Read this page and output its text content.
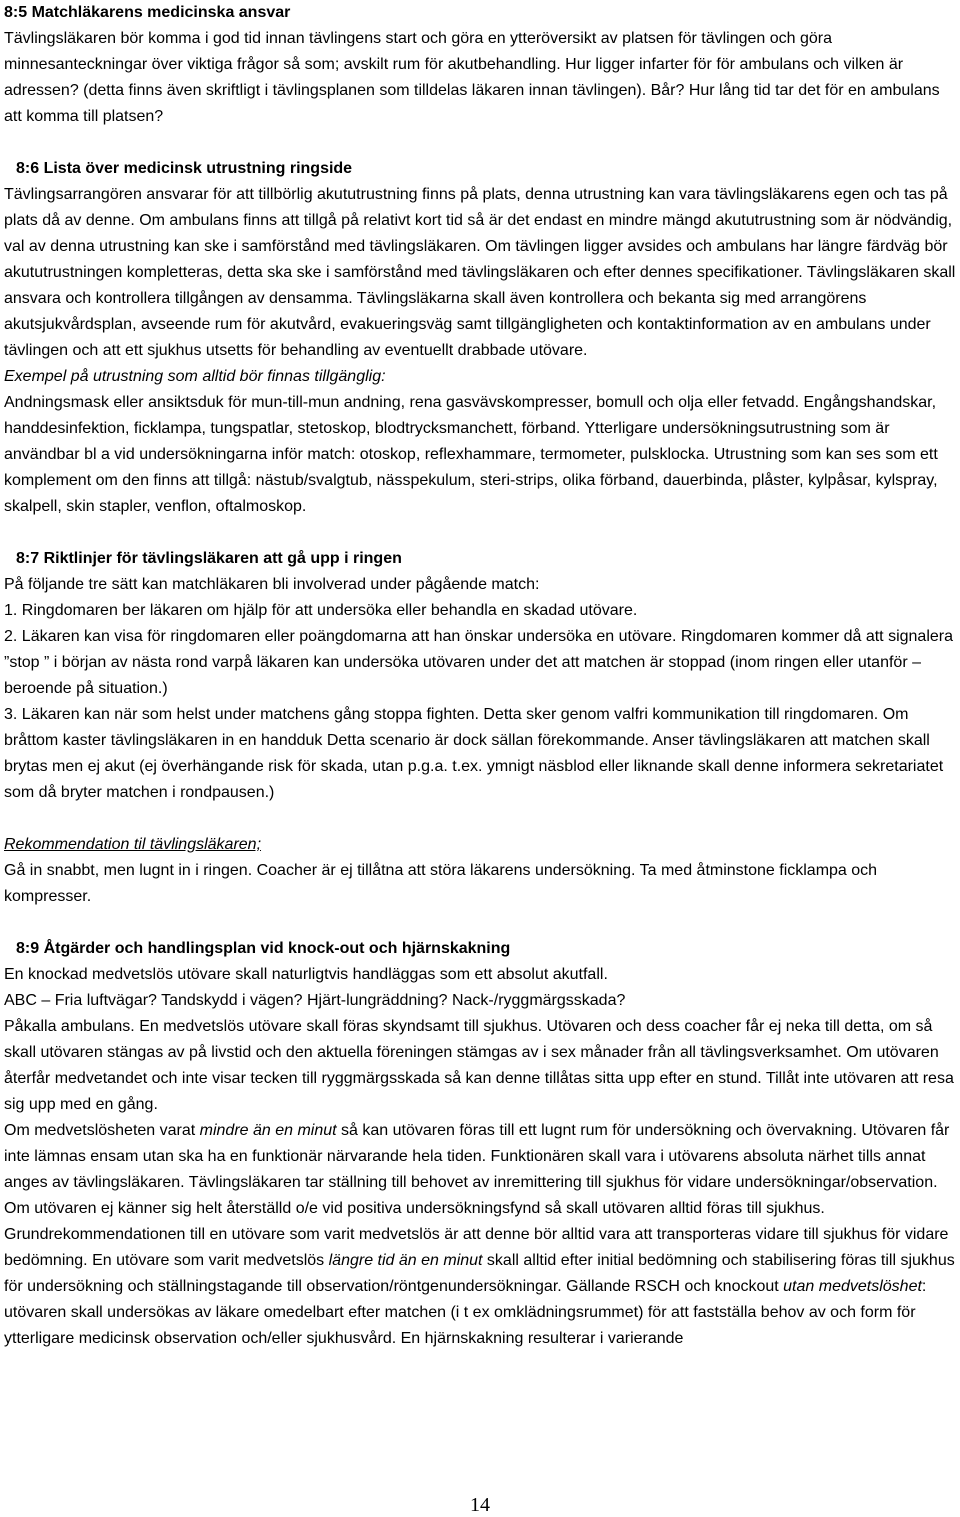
8:5 Matchläkarens medicinska ansvar

Tävlingsläkaren bör komma i god tid innan tävlingens start och göra en ytteröversikt av platsen för tävlingen och göra minnesanteckningar över viktiga frågor så som; avskilt rum för akutbehandling. Hur ligger infarter för för ambulans och vilken är adressen? (detta finns även skriftligt i tävlingsplanen som tilldelas läkaren innan tävlingen). Bår? Hur lång tid tar det för en ambulans att komma till platsen?

8:6 Lista över medicinsk utrustning ringside

Tävlingsarrangören ansvarar för att tillbörlig akututrustning finns på plats, denna utrustning kan vara tävlingsläkarens egen och tas på plats då av denne. Om ambulans finns att tillgå på relativt kort tid så är det endast en mindre mängd akututrustning som är nödvändig, val av denna utrustning kan ske i samförstånd med tävlingsläkaren. Om tävlingen ligger avsides och ambulans har längre färdväg bör akututrustningen kompletteras, detta ska ske i samförstånd med tävlingsläkaren och efter dennes specifikationer. Tävlingsläkaren skall ansvara och kontrollera tillgången av densamma. Tävlingsläkarna skall även kontrollera och bekanta sig med arrangörens akutsjukvårdsplan, avseende rum för akutvård, evakueringsväg samt tillgängligheten och kontaktinformation av en ambulans under tävlingen och att ett sjukhus utsetts för behandling av eventuellt drabbade utövare.

Exempel på utrustning som alltid bör finnas tillgänglig:

Andningsmask eller ansiktsduk för mun-till-mun andning, rena gasvävskompresser, bomull och olja eller fetvadd. Engångshandskar, handdesinfektion, ficklampa, tungspatlar, stetoskop, blodtrycksmanchett, förband. Ytterligare undersökningsutrustning som är användbar bl a vid undersökningarna inför match: otoskop, reflexhammare, termometer, pulsklocka. Utrustning som kan ses som ett komplement om den finns att tillgå: nästub/svalgtub, nässpekulum, steri-strips, olika förband, dauerbinda, plåster, kylpåsar, kylspray, skalpell, skin stapler, venflon, oftalmoskop.

8:7 Riktlinjer för tävlingsläkaren att gå upp i ringen

På följande tre sätt kan matchläkaren bli involverad under pågående match:

1. Ringdomaren ber läkaren om hjälp för att undersöka eller behandla en skadad utövare.

2. Läkaren kan visa för ringdomaren eller poängdomarna att han önskar undersöka en utövare. Ringdomaren kommer då att signalera ”stop ” i början av nästa rond varpå läkaren kan undersöka utövaren under det att matchen är stoppad (inom ringen eller utanför – beroende på situation.)

3. Läkaren kan när som helst under matchens gång stoppa fighten. Detta sker genom valfri kommunikation till ringdomaren. Om bråttom kaster tävlingsläkaren in en handduk Detta scenario är dock sällan förekommande. Anser tävlingsläkaren att matchen skall brytas men ej akut (ej överhängande risk för skada, utan p.g.a. t.ex. ymnigt näsblod eller liknande skall denne informera sekretariatet som då bryter matchen i rondpausen.)

Rekommendation til tävlingsläkaren;

Gå in snabbt, men lugnt in i ringen. Coacher är ej tillåtna att störa läkarens undersökning. Ta med åtminstone ficklampa och kompresser.

8:9 Åtgärder och handlingsplan vid knock-out och hjärnskakning

En knockad medvetslös utövare skall naturligtvis handläggas som ett absolut akutfall.

ABC – Fria luftvägar? Tandskydd i vägen? Hjärt-lungräddning? Nack-/ryggmärgsskada?

Påkalla ambulans. En medvetslös utövare skall föras skyndsamt till sjukhus. Utövaren och dess coacher får ej neka till detta, om så skall utövaren stängas av på livstid och den aktuella föreningen stämgas av i sex månader från all tävlingsverksamhet. Om utövaren återfår medvetandet och inte visar tecken till ryggmärgsskada så kan denne tillåtas sitta upp efter en stund. Tillåt inte utövaren att resa sig upp med en gång.

Om medvetslösheten varat mindre än en minut så kan utövaren föras till ett lugnt rum för undersökning och övervakning. Utövaren får inte lämnas ensam utan ska ha en funktionär närvarande hela tiden. Funktionären skall vara i utövarens absoluta närhet tills annat anges av tävlingsläkaren. Tävlingsläkaren tar ställning till behovet av inremittering till sjukhus för vidare undersökningar/observation. Om utövaren ej känner sig helt återställd o/e vid positiva undersökningsfynd så skall utövaren alltid föras till sjukhus.

Grundrekommendationen till en utövare som varit medvetslös är att denne bör alltid vara att transporteras vidare till sjukhus för vidare bedömning. En utövare som varit medvetslös längre tid än en minut skall alltid efter initial bedömning och stabilisering föras till sjukhus för undersökning och ställningstagande till observation/röntgenundersökningar. Gällande RSCH och knockout utan medvetslöshet: utövaren skall undersökas av läkare omedelbart efter matchen (i t ex omklädningsrummet) för att fastställa behov av och form för ytterligare medicinsk observation och/eller sjukhusvård. En hjärnskakning resulterar i varierande

14
